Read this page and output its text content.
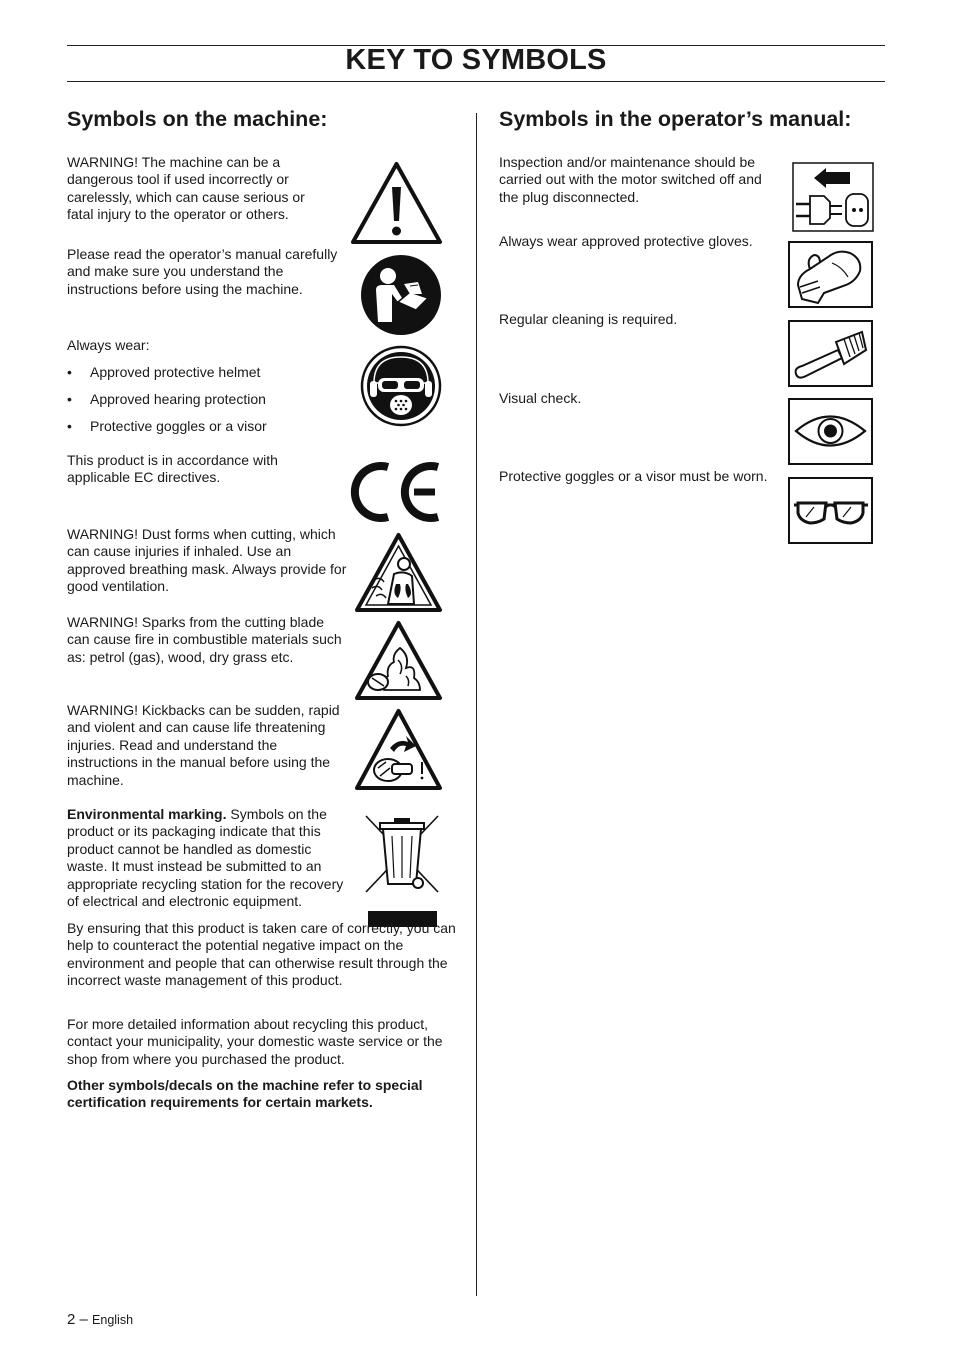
KEY TO SYMBOLS
Symbols on the machine:
WARNING! The machine can be a dangerous tool if used incorrectly or carelessly, which can cause serious or fatal injury to the operator or others.
Please read the operator’s manual carefully and make sure you understand the instructions before using the machine.
Always wear:
• Approved protective helmet
• Approved hearing protection
• Protective goggles or a visor
This product is in accordance with applicable EC directives.
WARNING! Dust forms when cutting, which can cause injuries if inhaled. Use an approved breathing mask. Always provide for good ventilation.
WARNING! Sparks from the cutting blade can cause fire in combustible materials such as: petrol (gas), wood, dry grass etc.
WARNING! Kickbacks can be sudden, rapid and violent and can cause life threatening injuries. Read and understand the instructions in the manual before using the machine.
Environmental marking. Symbols on the product or its packaging indicate that this product cannot be handled as domestic waste. It must instead be submitted to an appropriate recycling station for the recovery of electrical and electronic equipment.
By ensuring that this product is taken care of correctly, you can help to counteract the potential negative impact on the environment and people that can otherwise result through the incorrect waste management of this product.
For more detailed information about recycling this product, contact your municipality, your domestic waste service or the shop from where you purchased the product.
Other symbols/decals on the machine refer to special certification requirements for certain markets.
Symbols in the operator’s manual:
Inspection and/or maintenance should be carried out with the motor switched off and the plug disconnected.
Always wear approved protective gloves.
Regular cleaning is required.
Visual check.
Protective goggles or a visor must be worn.
2 – English
